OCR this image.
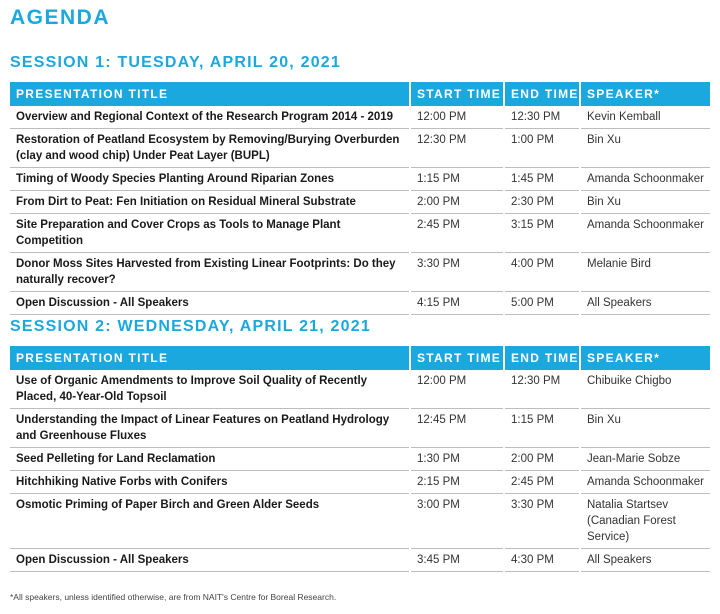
AGENDA
SESSION 1: TUESDAY, APRIL 20, 2021
PRESENTATION TITLE	START TIME	END TIME	SPEAKER*
Overview and Regional Context of the Research Program 2014 - 2019	12:00 PM	12:30 PM	Kevin Kemball
Restoration of Peatland Ecosystem by Removing/Burying Overburden (clay and wood chip) Under Peat Layer (BUPL)	12:30 PM	1:00 PM	Bin Xu
Timing of Woody Species Planting Around Riparian Zones	1:15 PM	1:45 PM	Amanda Schoonmaker
From Dirt to Peat: Fen Initiation on Residual Mineral Substrate	2:00 PM	2:30 PM	Bin Xu
Site Preparation and Cover Crops as Tools to Manage Plant Competition	2:45 PM	3:15 PM	Amanda Schoonmaker
Donor Moss Sites Harvested from Existing Linear Footprints: Do they naturally recover?	3:30 PM	4:00 PM	Melanie Bird
Open Discussion - All Speakers	4:15 PM	5:00 PM	All Speakers
SESSION 2: WEDNESDAY, APRIL 21, 2021
PRESENTATION TITLE	START TIME	END TIME	SPEAKER*
Use of Organic Amendments to Improve Soil Quality of Recently Placed, 40-Year-Old Topsoil	12:00 PM	12:30 PM	Chibuike Chigbo
Understanding the Impact of Linear Features on Peatland Hydrology and Greenhouse Fluxes	12:45 PM	1:15 PM	Bin Xu
Seed Pelleting for Land Reclamation	1:30 PM	2:00 PM	Jean-Marie Sobze
Hitchhiking Native Forbs with Conifers	2:15 PM	2:45 PM	Amanda Schoonmaker
Osmotic Priming of Paper Birch and Green Alder Seeds	3:00 PM	3:30 PM	Natalia Startsev (Canadian Forest Service)
Open Discussion - All Speakers	3:45 PM	4:30 PM	All Speakers

*All speakers, unless identified otherwise, are from NAIT's Centre for Boreal Research.
